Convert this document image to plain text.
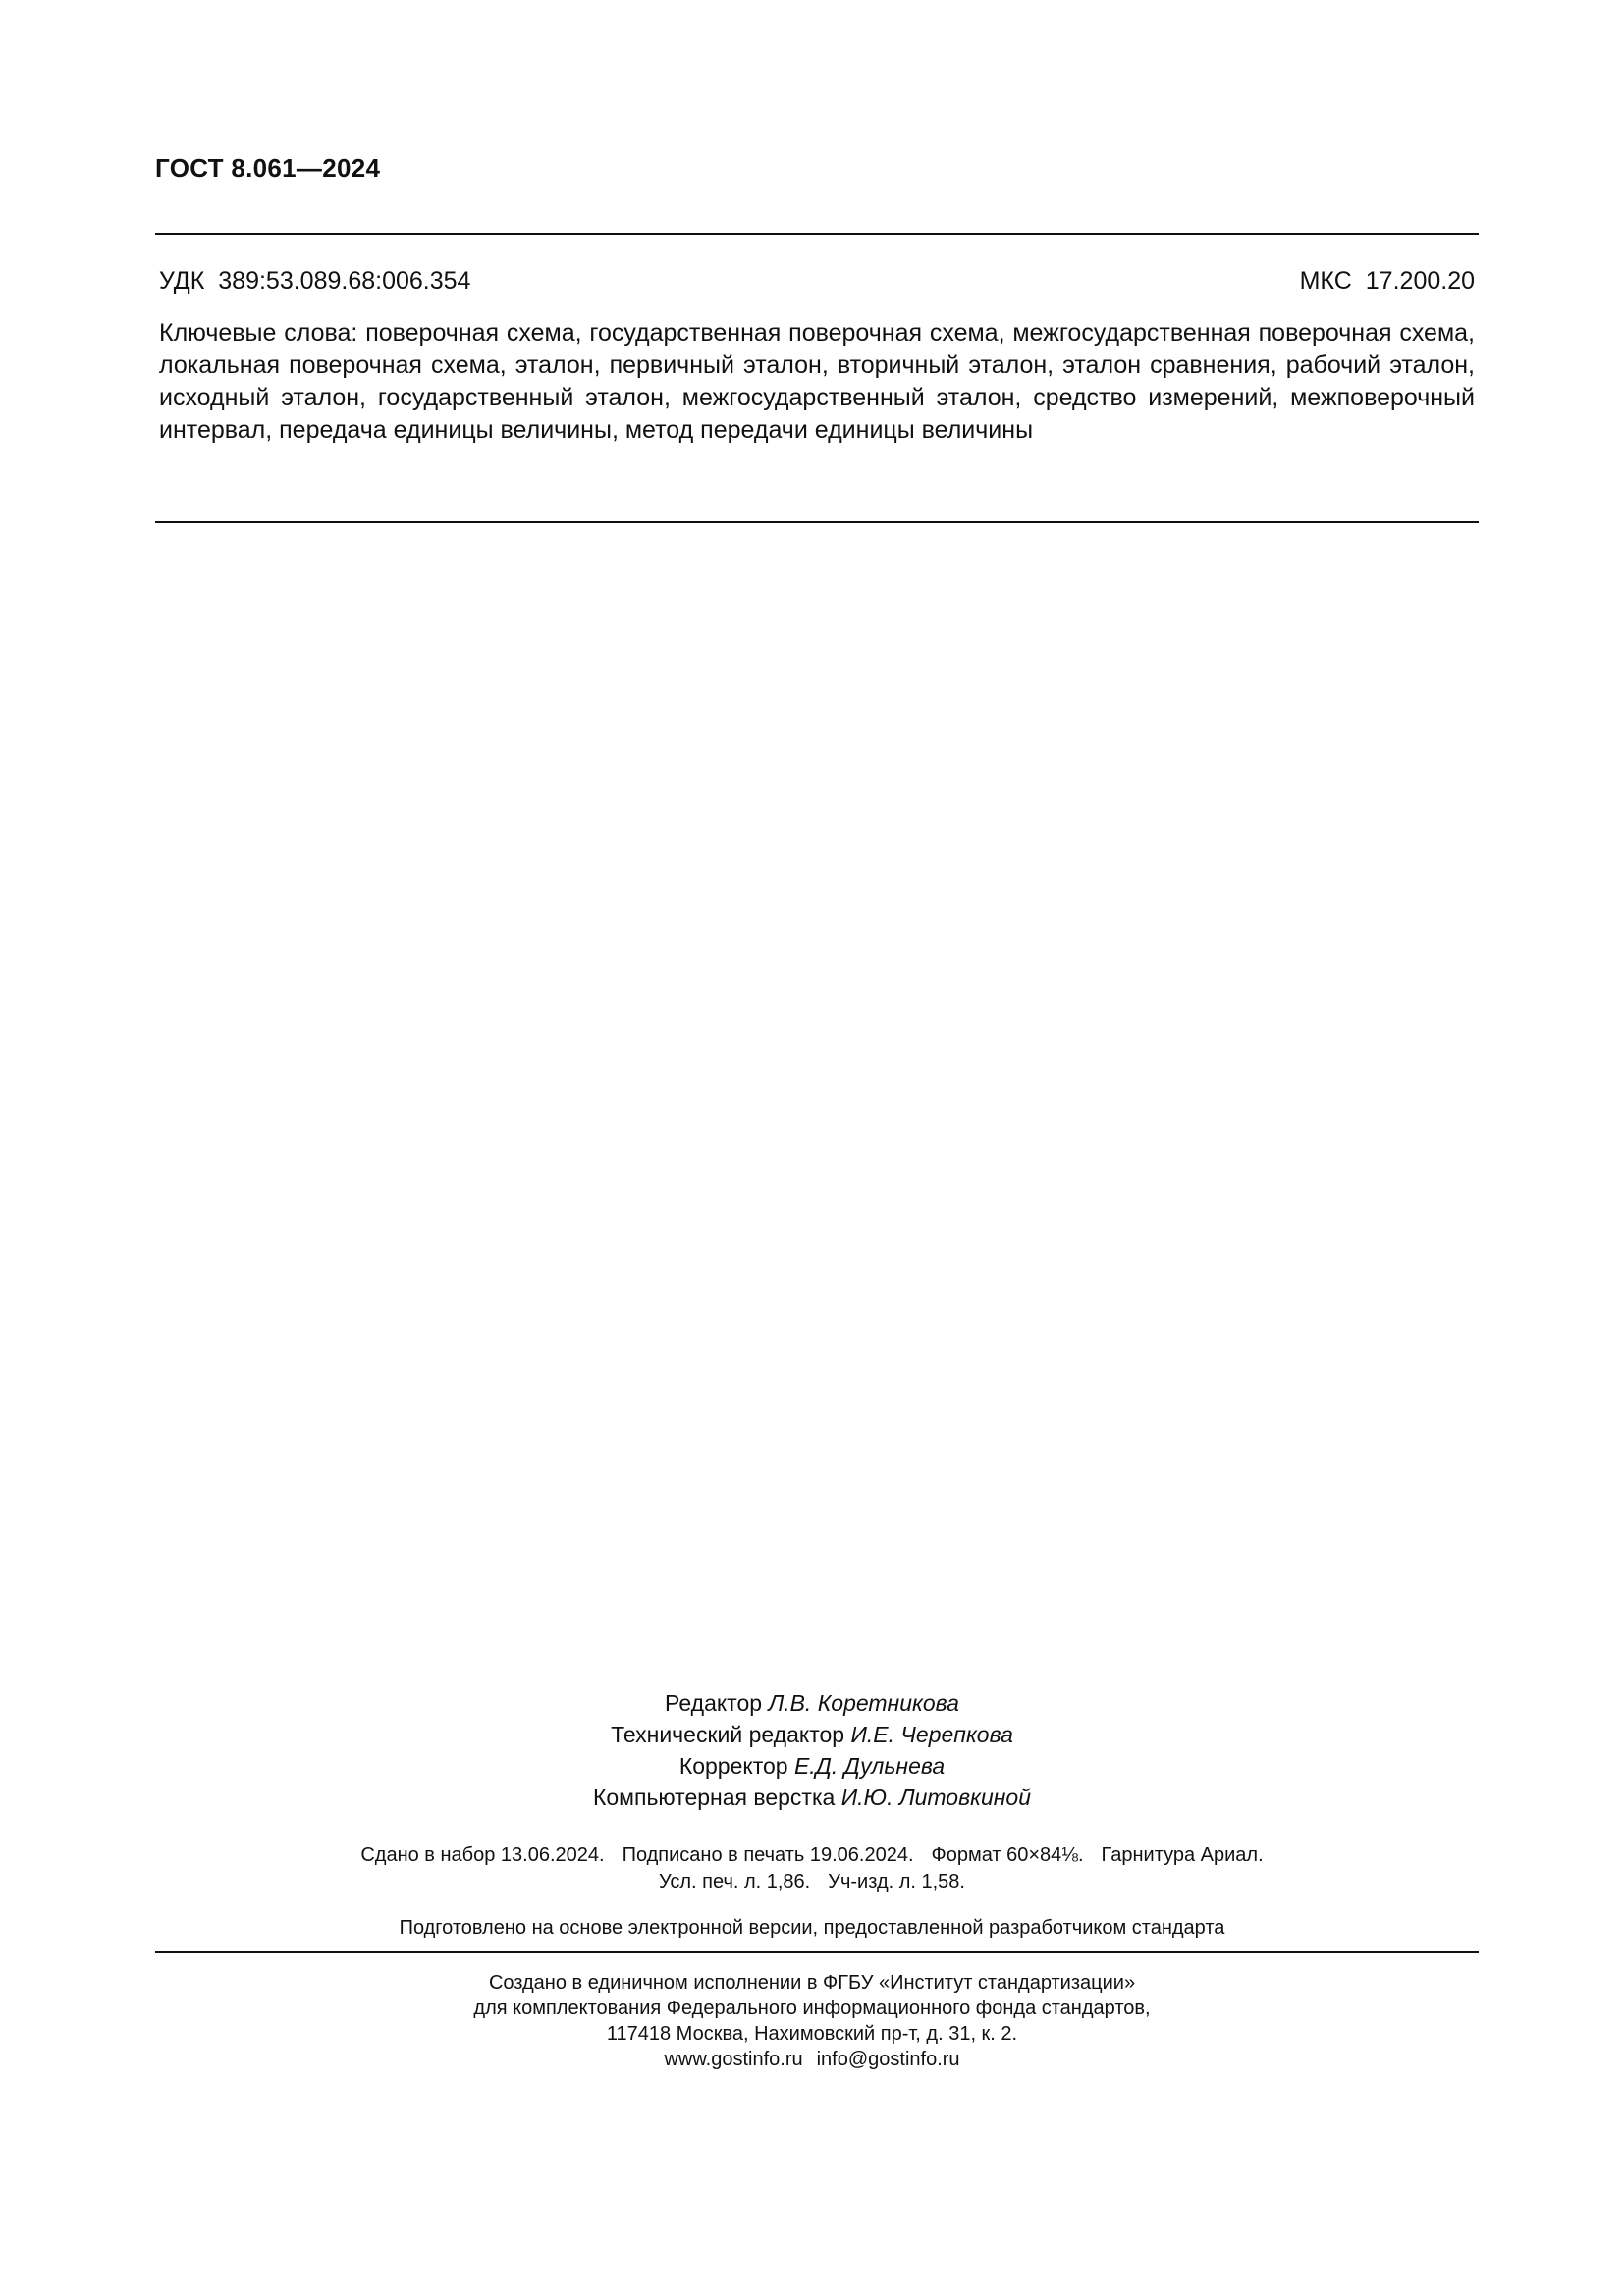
ГОСТ 8.061—2024
УДК 389:53.089.68:006.354	МКС 17.200.20
Ключевые слова: поверочная схема, государственная поверочная схема, межгосударственная поверочная схема, локальная поверочная схема, эталон, первичный эталон, вторичный эталон, эталон сравнения, рабочий эталон, исходный эталон, государственный эталон, межгосударственный эталон, средство измерений, межповерочный интервал, передача единицы величины, метод передачи единицы величины
Редактор Л.В. Коретникова
Технический редактор И.Е. Черепкова
Корректор Е.Д. Дульнева
Компьютерная верстка И.Ю. Литовкиной
Сдано в набор 13.06.2024. Подписано в печать 19.06.2024. Формат 60×84⅛. Гарнитура Ариал.
Усл. печ. л. 1,86. Уч-изд. л. 1,58.
Подготовлено на основе электронной версии, предоставленной разработчиком стандарта
Создано в единичном исполнении в ФГБУ «Институт стандартизации»
для комплектования Федерального информационного фонда стандартов,
117418 Москва, Нахимовский пр-т, д. 31, к. 2.
www.gostinfo.ru info@gostinfo.ru
